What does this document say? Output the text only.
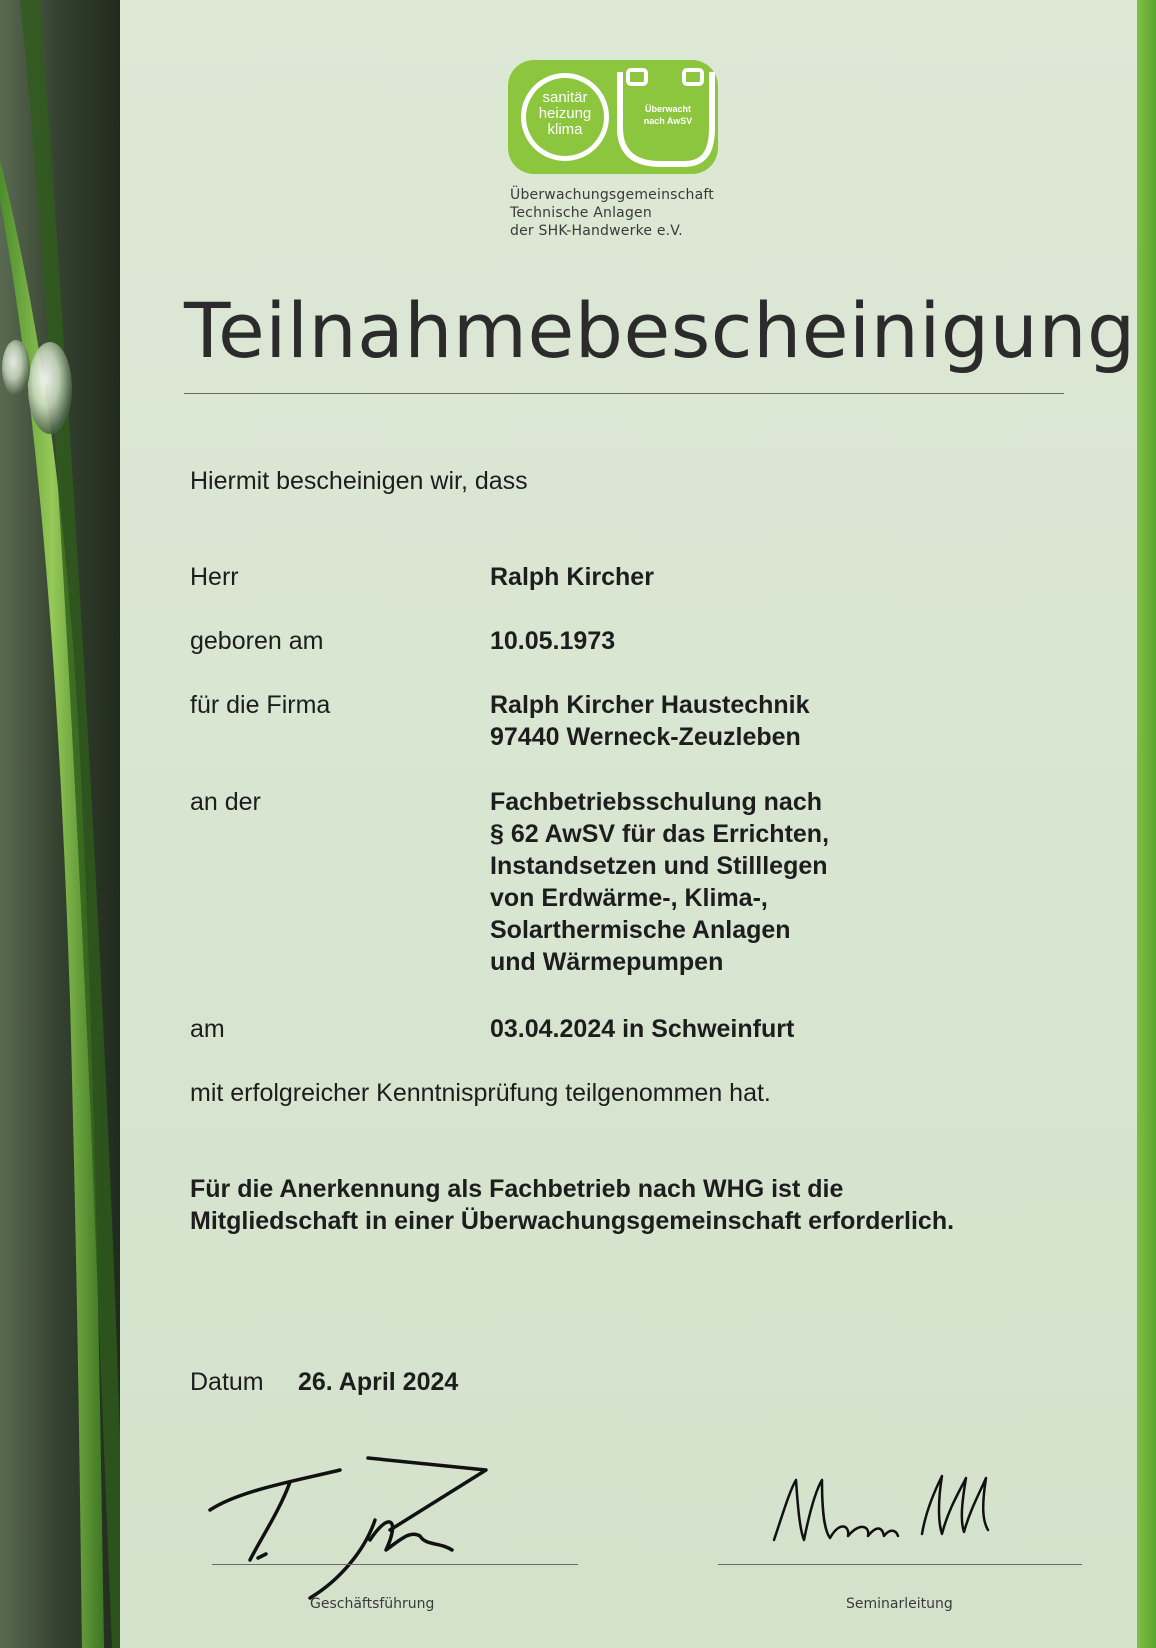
sanitär
heizung
klima
Überwacht
nach AwSV
Überwachungsgemeinschaft
Technische Anlagen
der SHK-Handwerke e.V.
Teilnahmebescheinigung
Hiermit bescheinigen wir, dass
Herr	Ralph Kircher
geboren am	10.05.1973
für die Firma	Ralph Kircher Haustechnik
97440 Werneck-Zeuzleben
an der	Fachbetriebsschulung nach
§ 62 AwSV für das Errichten,
Instandsetzen und Stilllegen
von Erdwärme-, Klima-,
Solarthermische Anlagen
und Wärmepumpen
am	03.04.2024 in Schweinfurt
mit erfolgreicher Kenntnisprüfung teilgenommen hat.
Für die Anerkennung als Fachbetrieb nach WHG ist die
Mitgliedschaft in einer Überwachungsgemeinschaft erforderlich.
Datum 26. April 2024
Geschäftsführung	Seminarleitung
